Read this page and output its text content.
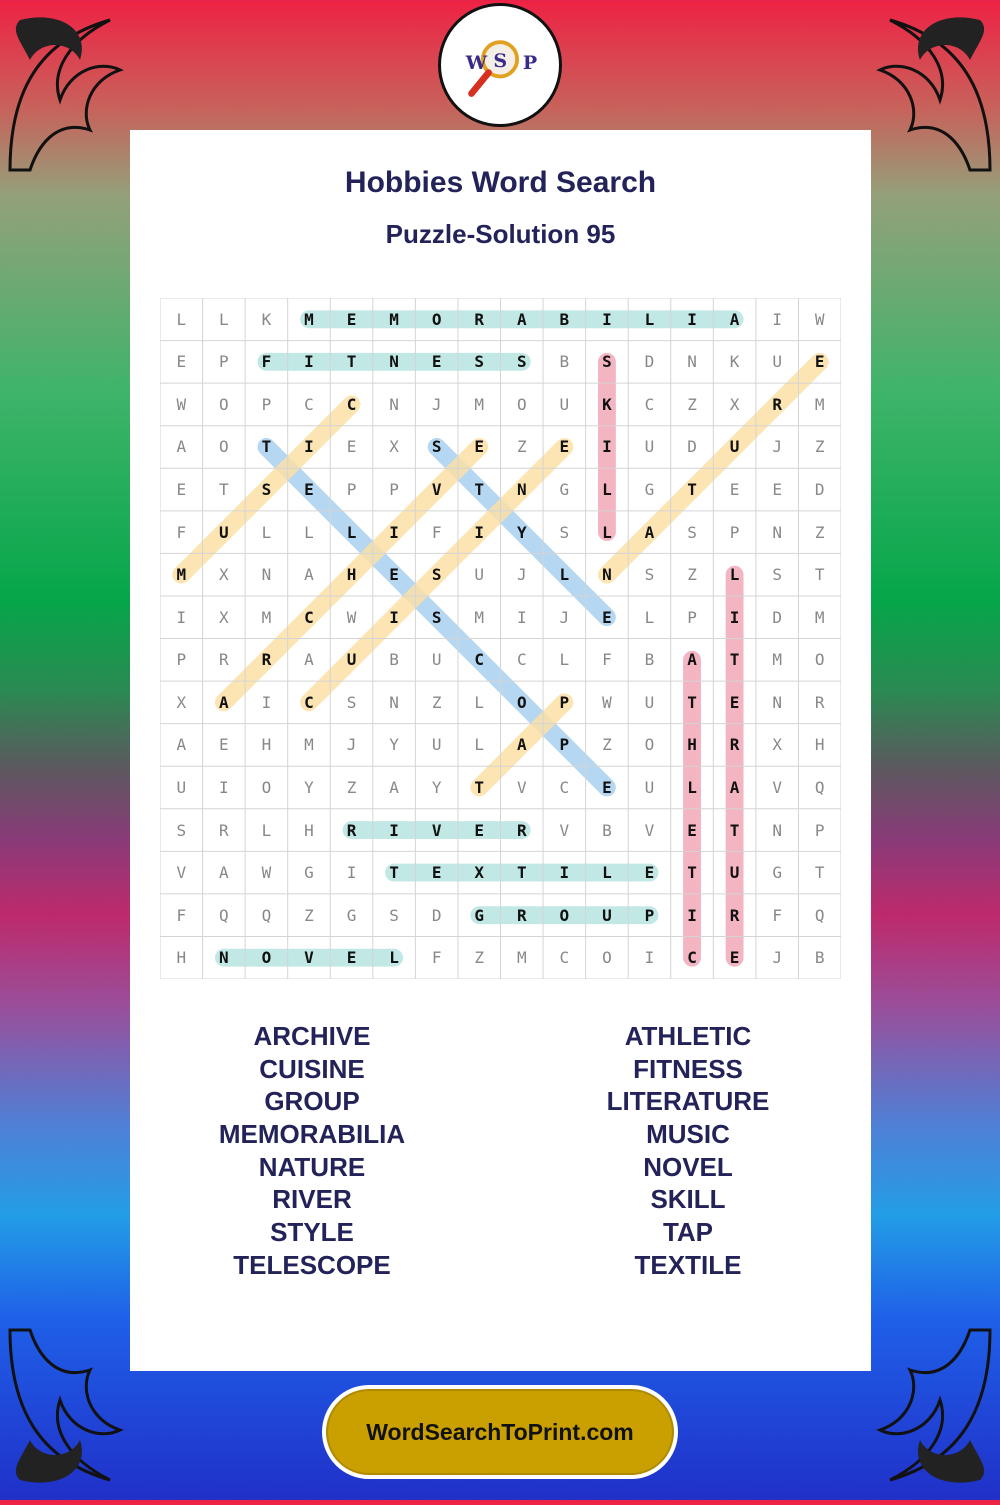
W S P
Hobbies Word Search
Puzzle-Solution 95
L	L	K	M	E	M	O	R	A	B	I	L	I	A	I	W
E	P	F	I	T	N	E	S	S	B	S	D	N	K	U	E
W	O	P	C	C	N	J	M	O	U	K	C	Z	X	R	M
A	O	T	I	E	X	S	E	Z	E	I	U	D	U	J	Z
E	T	S	E	P	P	V	T	N	G	L	G	T	E	E	D
F	U	L	L	L	I	F	I	Y	S	L	A	S	P	N	Z
M	X	N	A	H	E	S	U	J	L	N	S	Z	L	S	T
I	X	M	C	W	I	S	M	I	J	E	L	P	I	D	M
P	R	R	A	U	B	U	C	C	L	F	B	A	T	M	O
X	A	I	C	S	N	Z	L	O	P	W	U	T	E	N	R
A	E	H	M	J	Y	U	L	A	P	Z	O	H	R	X	H
U	I	O	Y	Z	A	Y	T	V	C	E	U	L	A	V	Q
S	R	L	H	R	I	V	E	R	V	B	V	E	T	N	P
V	A	W	G	I	T	E	X	T	I	L	E	T	U	G	T
F	Q	Q	Z	G	S	D	G	R	O	U	P	I	R	F	Q
H	N	O	V	E	L	F	Z	M	C	O	I	C	E	J	B
ARCHIVE
CUISINE
GROUP
MEMORABILIA
NATURE
RIVER
STYLE
TELESCOPE
ATHLETIC
FITNESS
LITERATURE
MUSIC
NOVEL
SKILL
TAP
TEXTILE
WordSearchToPrint.com
